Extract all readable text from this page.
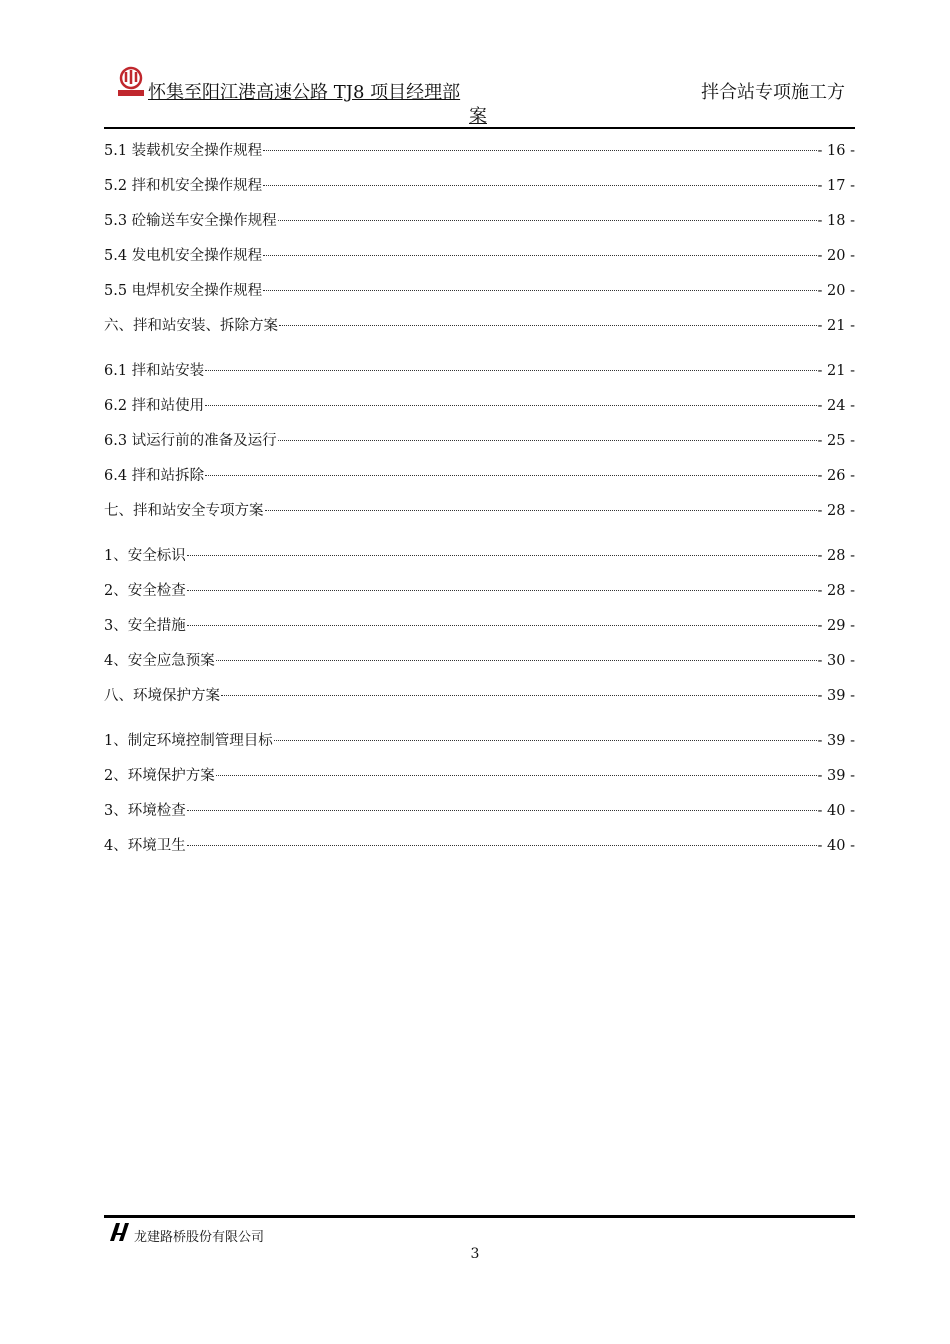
怀集至阳江港高速公路 TJ8 项目经理部	拌合站专项施工方
案
5.1 装载机安全操作规程	- 16 -
5.2 拌和机安全操作规程	- 17 -
5.3 砼输送车安全操作规程	- 18 -
5.4 发电机安全操作规程	- 20 -
5.5 电焊机安全操作规程	- 20 -
六、拌和站安装、拆除方案	- 21 -
6.1 拌和站安装	- 21 -
6.2 拌和站使用	- 24 -
6.3 试运行前的准备及运行	- 25 -
6.4 拌和站拆除	- 26 -
七、拌和站安全专项方案	- 28 -
1、安全标识	- 28 -
2、安全检查	- 28 -
3、安全措施	- 29 -
4、安全应急预案	- 30 -
八、环境保护方案	- 39 -
1、制定环境控制管理目标	- 39 -
2、环境保护方案	- 39 -
3、环境检查	- 40 -
4、环境卫生	- 40 -
龙建路桥股份有限公司
3
